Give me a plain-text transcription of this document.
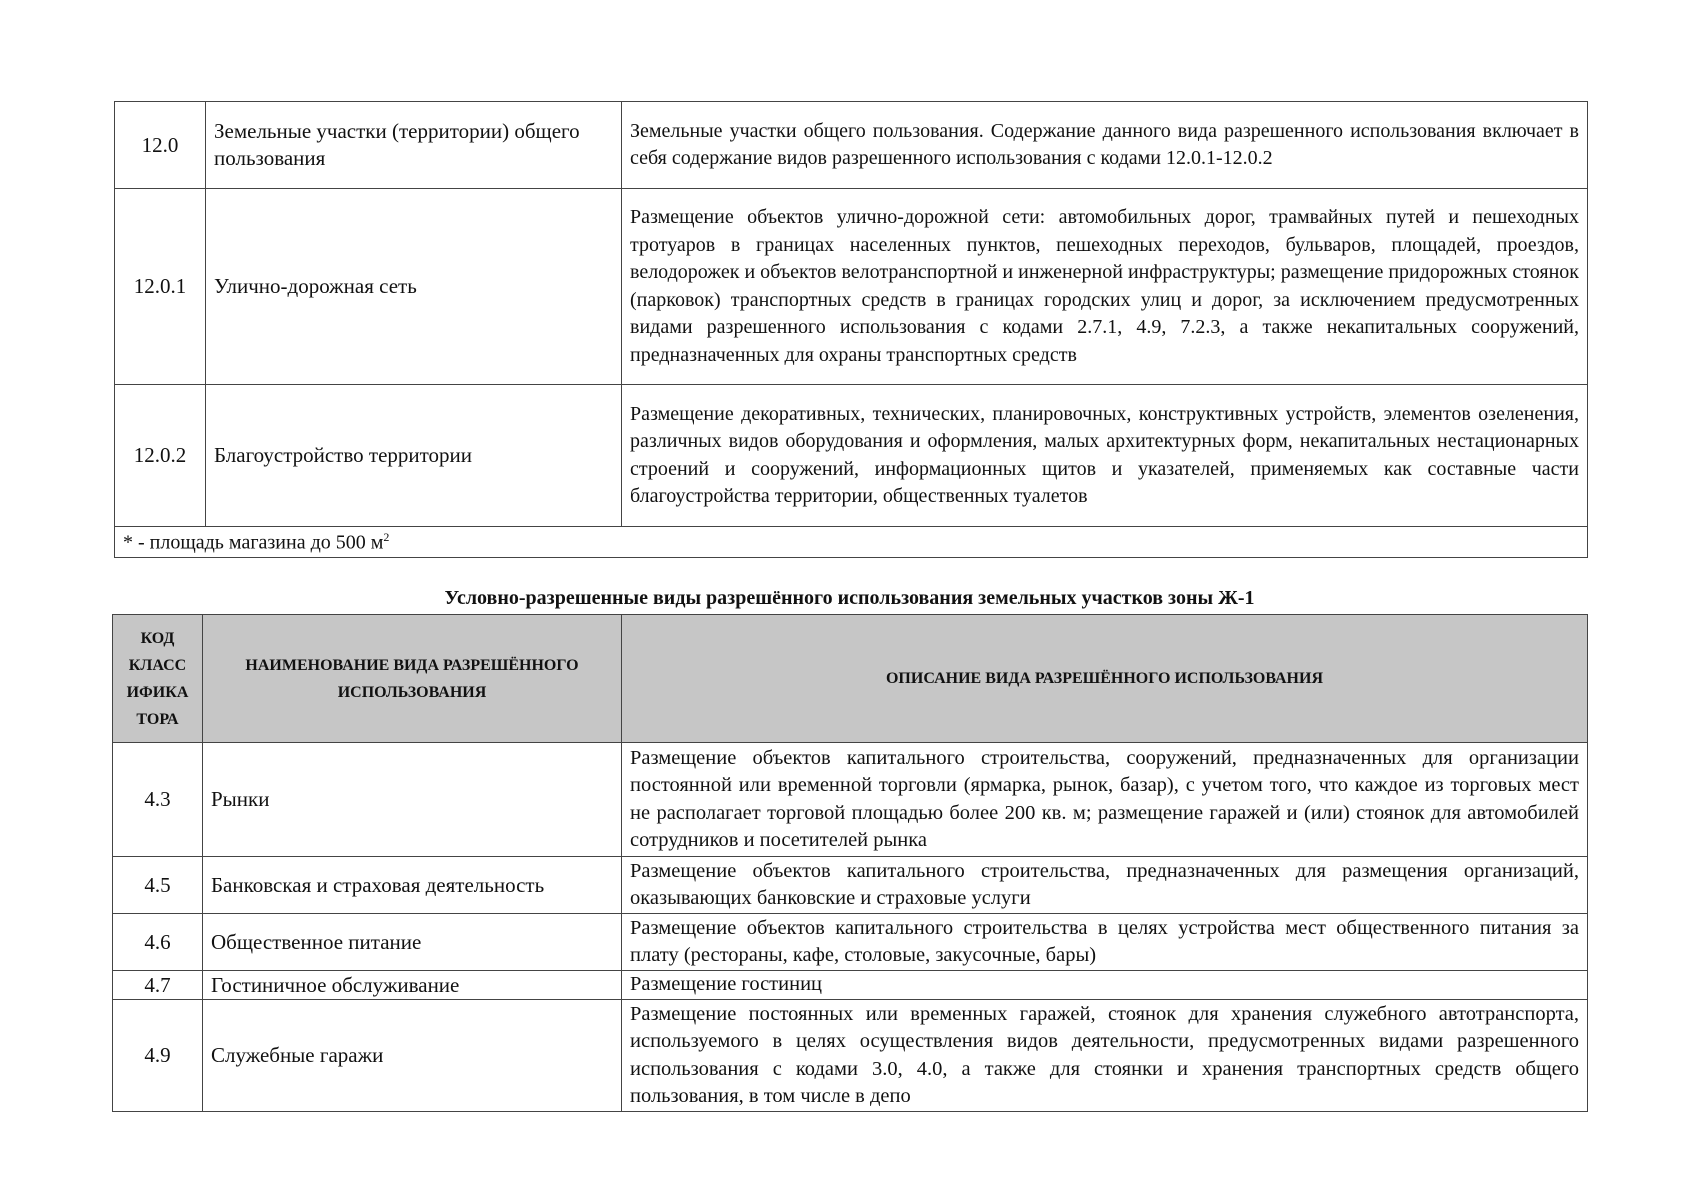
12.0	Земельные участки (территории) общего пользования	Земельные участки общего пользования. Содержание данного вида разрешенного использования включает в себя содержание видов разрешенного использования с кодами 12.0.1-12.0.2
12.0.1	Улично-дорожная сеть	Размещение объектов улично-дорожной сети: автомобильных дорог, трамвайных путей и пешеходных тротуаров в границах населенных пунктов, пешеходных переходов, бульваров, площадей, проездов, велодорожек и объектов велотранспортной и инженерной инфраструктуры; размещение придорожных стоянок (парковок) транспортных средств в границах городских улиц и дорог, за исключением предусмотренных видами разрешенного использования с кодами 2.7.1, 4.9, 7.2.3, а также некапитальных сооружений, предназначенных для охраны транспортных средств
12.0.2	Благоустройство территории	Размещение декоративных, технических, планировочных, конструктивных устройств, элементов озеленения, различных видов оборудования и оформления, малых архитектурных форм, некапитальных нестационарных строений и сооружений, информационных щитов и указателей, применяемых как составные части благоустройства территории, общественных туалетов
* - площадь магазина до 500 $м^2$
Условно-разрешенные виды разрешённого использования земельных участков зоны Ж-1
КОД КЛАСС ИФИКА ТОРА	НАИМЕНОВАНИЕ ВИДА РАЗРЕШЁННОГО ИСПОЛЬЗОВАНИЯ	ОПИСАНИЕ ВИДА РАЗРЕШЁННОГО ИСПОЛЬЗОВАНИЯ
4.3	Рынки	Размещение объектов капитального строительства, сооружений, предназначенных для организации постоянной или временной торговли (ярмарка, рынок, базар), с учетом того, что каждое из торговых мест не располагает торговой площадью более 200 кв. м; размещение гаражей и (или) стоянок для автомобилей сотрудников и посетителей рынка
4.5	Банковская и страховая деятельность	Размещение объектов капитального строительства, предназначенных для размещения организаций, оказывающих банковские и страховые услуги
4.6	Общественное питание	Размещение объектов капитального строительства в целях устройства мест общественного питания за плату (рестораны, кафе, столовые, закусочные, бары)
4.7	Гостиничное обслуживание	Размещение гостиниц
4.9	Служебные гаражи	Размещение постоянных или временных гаражей, стоянок для хранения служебного автотранспорта, используемого в целях осуществления видов деятельности, предусмотренных видами разрешенного использования с кодами 3.0, 4.0, а также для стоянки и хранения транспортных средств общего пользования, в том числе в депо
